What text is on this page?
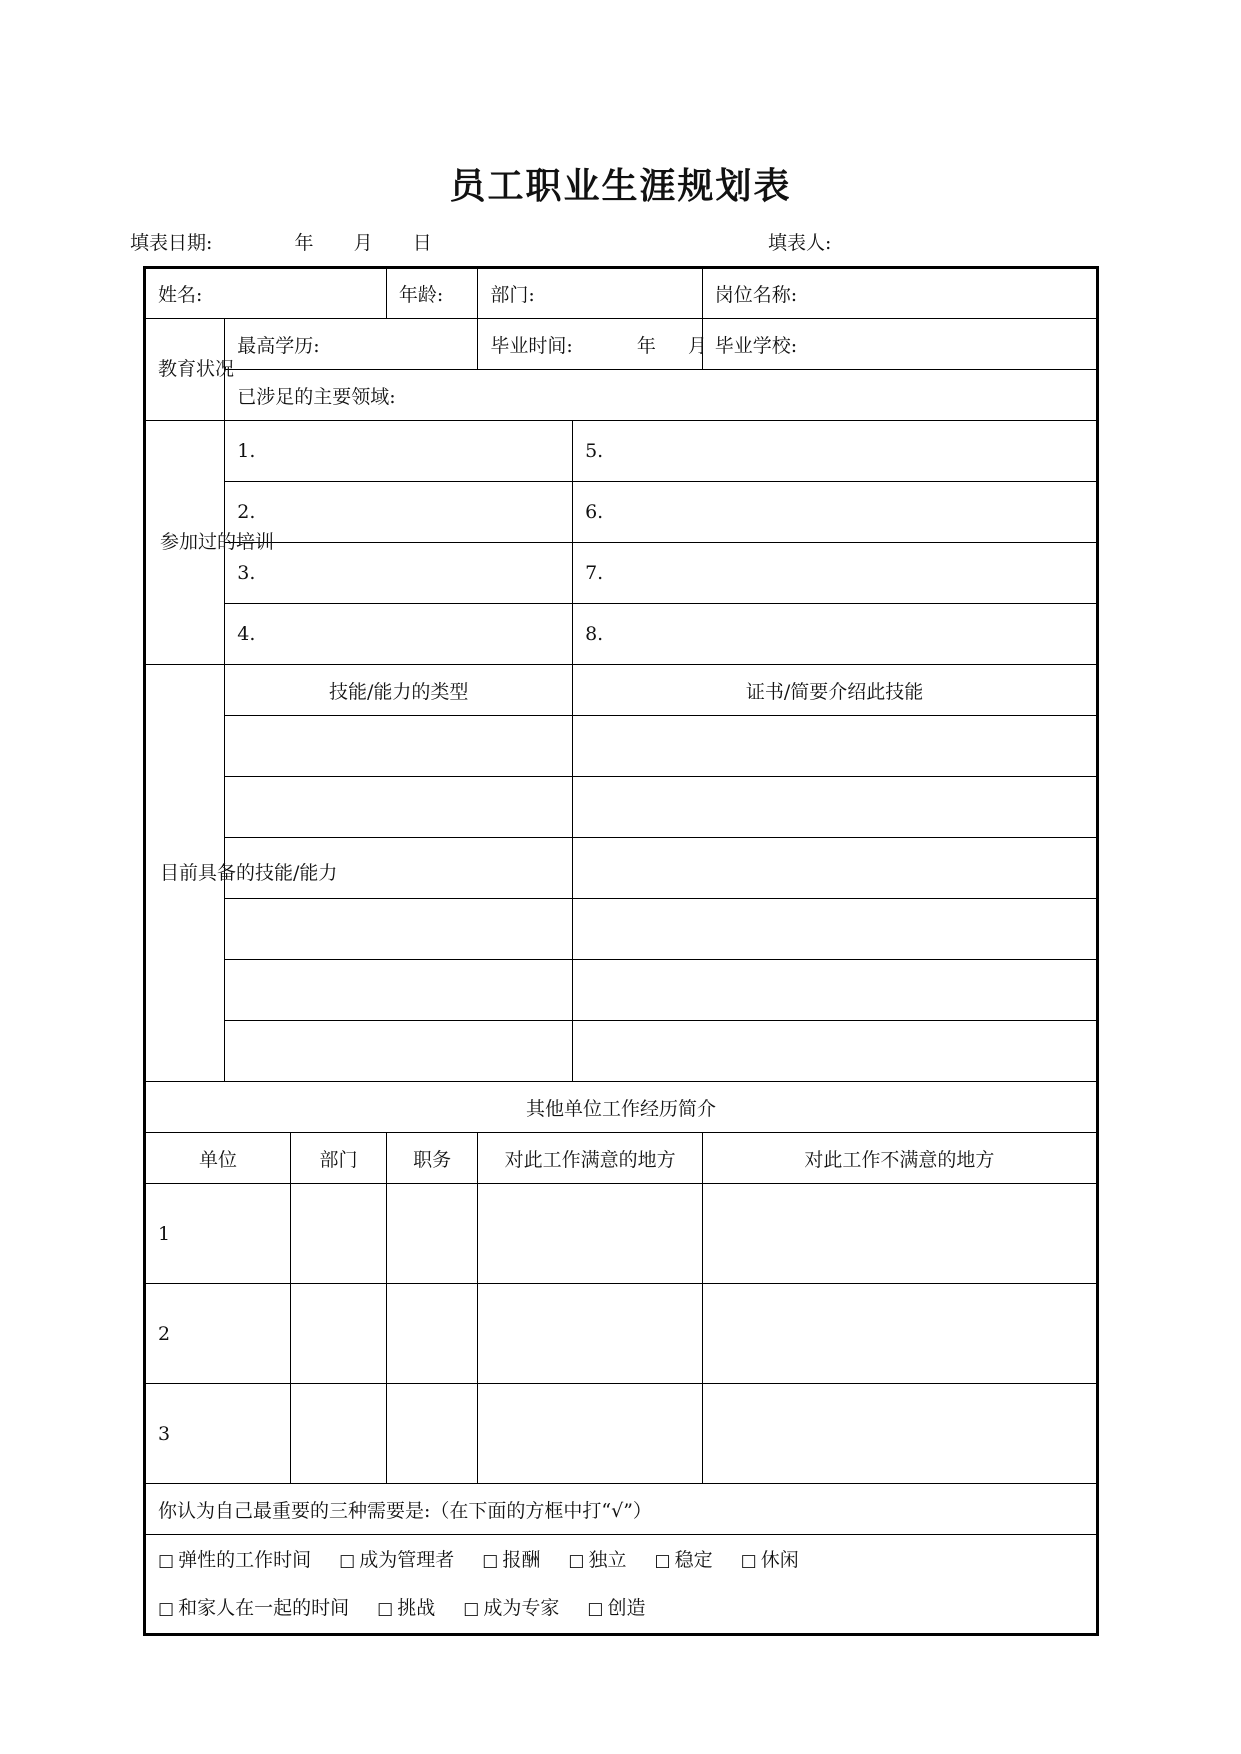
员工职业生涯规划表
填表日期:	年 月 日	填表人:
姓名:			年龄:	部门:		岗位名称:
教育状况	最高学历:			毕业时间: 年 月		毕业学校:
	已涉足的主要领域:					
参加过的培训	1.				5.	
	2.				6.	
	3.				7.	
	4.				8.	
目前具备的技能/能力	技能/能力的类型				证书/简要介绍此技能	

其他单位工作经历简介						
单位		部门	职务	对此工作满意的地方		对此工作不满意的地方
1						
2						
3						
你认为自己最重要的三种需要是:（在下面的方框中打“√”）						

□ 弹性的工作时间 □ 成为管理者 □ 报酬 □ 独立 □ 稳定 □ 休闲
□ 和家人在一起的时间 □ 挑战 □ 成为专家 □ 创造						
